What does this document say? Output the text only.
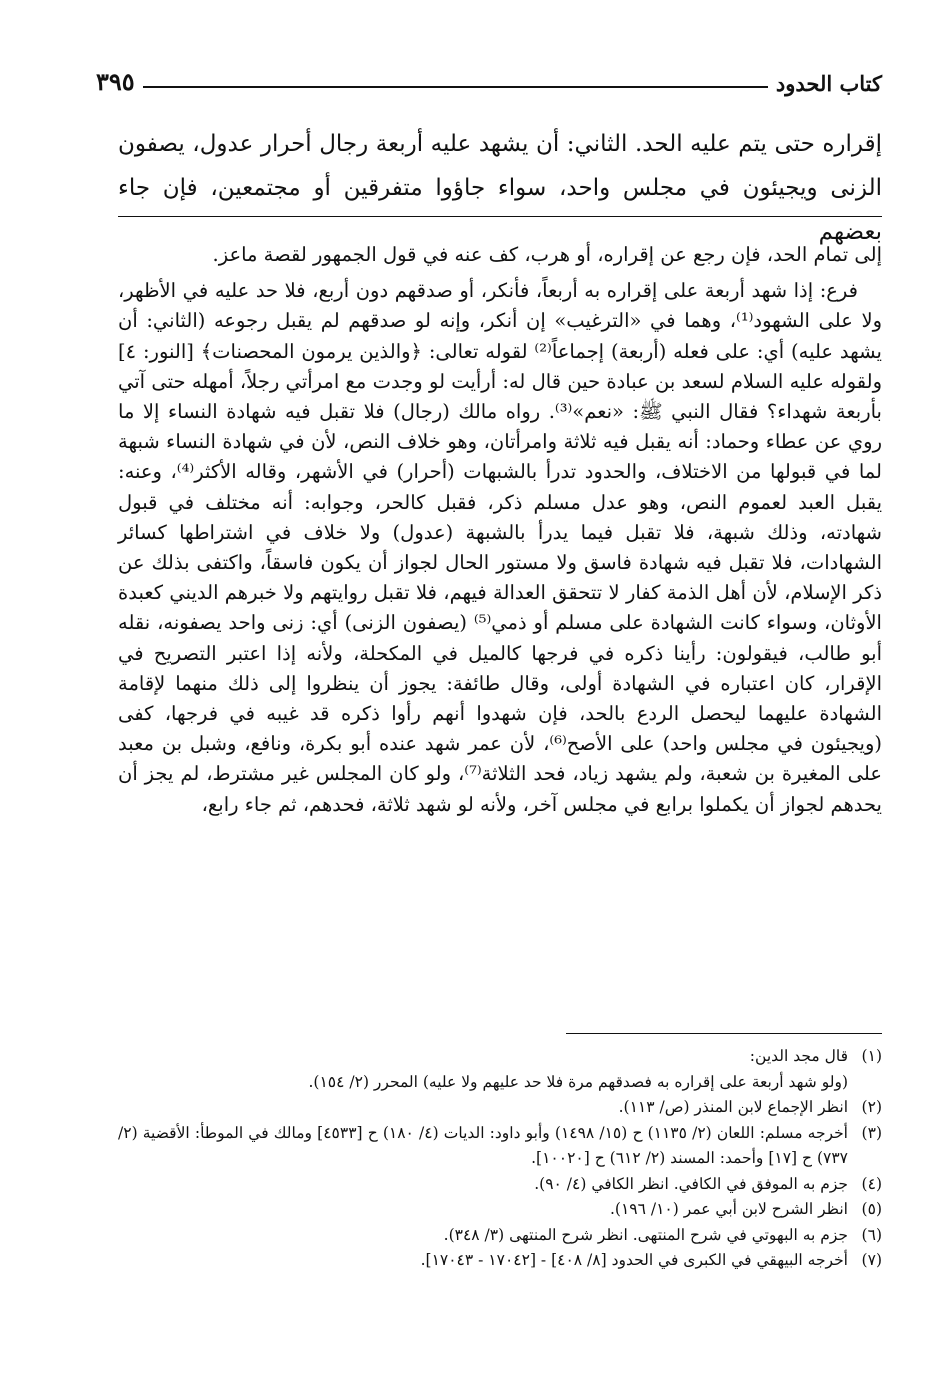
كتاب الحدود
٣٩٥
إقراره حتى يتم عليه الحد. الثاني: أن يشهد عليه أربعة رجال أحرار عدول، يصفون الزنى ويجيئون في مجلس واحد، سواء جاؤوا متفرقين أو مجتمعين، فإن جاء بعضهم

إلى تمام الحد، فإن رجع عن إقراره، أو هرب، كف عنه في قول الجمهور لقصة ماعز.

فرع: إذا شهد أربعة على إقراره به أربعاً، فأنكر، أو صدقهم دون أربع، فلا حد عليه في الأظهر، ولا على الشهود⁽¹⁾، وهما في «الترغيب» إن أنكر، وإنه لو صدقهم لم يقبل رجوعه (الثاني: أن يشهد عليه) أي: على فعله (أربعة) إجماعاً⁽²⁾ لقوله تعالى: ﴿والذين يرمون المحصنات﴾ [النور: ٤] ولقوله عليه السلام لسعد بن عبادة حين قال له: أرأيت لو وجدت مع امرأتي رجلاً، أمهله حتى آتي بأربعة شهداء؟ فقال النبي ﷺ: «نعم»⁽³⁾. رواه مالك (رجال) فلا تقبل فيه شهادة النساء إلا ما روي عن عطاء وحماد: أنه يقبل فيه ثلاثة وامرأتان، وهو خلاف النص، لأن في شهادة النساء شبهة لما في قبولها من الاختلاف، والحدود تدرأ بالشبهات (أحرار) في الأشهر، وقاله الأكثر⁽⁴⁾، وعنه: يقبل العبد لعموم النص، وهو عدل مسلم ذكر، فقبل كالحر، وجوابه: أنه مختلف في قبول شهادته، وذلك شبهة، فلا تقبل فيما يدرأ بالشبهة (عدول) ولا خلاف في اشتراطها كسائر الشهادات، فلا تقبل فيه شهادة فاسق ولا مستور الحال لجواز أن يكون فاسقاً، واكتفى بذلك عن ذكر الإسلام، لأن أهل الذمة كفار لا تتحقق العدالة فيهم، فلا تقبل روايتهم ولا خبرهم الديني كعبدة الأوثان، وسواء كانت الشهادة على مسلم أو ذمي⁽⁵⁾ (يصفون الزنى) أي: زنى واحد يصفونه، نقله أبو طالب، فيقولون: رأينا ذكره في فرجها كالميل في المكحلة، ولأنه إذا اعتبر التصريح في الإقرار، كان اعتباره في الشهادة أولى، وقال طائفة: يجوز أن ينظروا إلى ذلك منهما لإقامة الشهادة عليهما ليحصل الردع بالحد، فإن شهدوا أنهم رأوا ذكره قد غيبه في فرجها، كفى (ويجيئون في مجلس واحد) على الأصح⁽⁶⁾، لأن عمر شهد عنده أبو بكرة، ونافع، وشبل بن معبد على المغيرة بن شعبة، ولم يشهد زياد، فحد الثلاثة⁽⁷⁾، ولو كان المجلس غير مشترط، لم يجز أن يحدهم لجواز أن يكملوا برابع في مجلس آخر، ولأنه لو شهد ثلاثة، فحدهم، ثم جاء رابع،

(١)
قال مجد الدين:
(ولو شهد أربعة على إقراره به فصدقهم مرة فلا حد عليهم ولا عليه) المحرر (٢/ ١٥٤).
(٢)
انظر الإجماع لابن المنذر (ص/ ١١٣).
(٣)
أخرجه مسلم: اللعان (٢/ ١١٣٥) ح (١٥/ ١٤٩٨) وأبو داود: الديات (٤/ ١٨٠) ح [٤٥٣٣] ومالك في الموطأ: الأقضية (٢/ ٧٣٧) ح [١٧] وأحمد: المسند (٢/ ٦١٢) ح [١٠٠٢٠].
(٤)
جزم به الموفق في الكافي. انظر الكافي (٤/ ٩٠).
(٥)
انظر الشرح لابن أبي عمر (١٠/ ١٩٦).
(٦)
جزم به البهوتي في شرح المنتهى. انظر شرح المنتهى (٣/ ٣٤٨).
(٧)
أخرجه البيهقي في الكبرى في الحدود [٨/ ٤٠٨] - [١٧٠٤٢ - ١٧٠٤٣].
